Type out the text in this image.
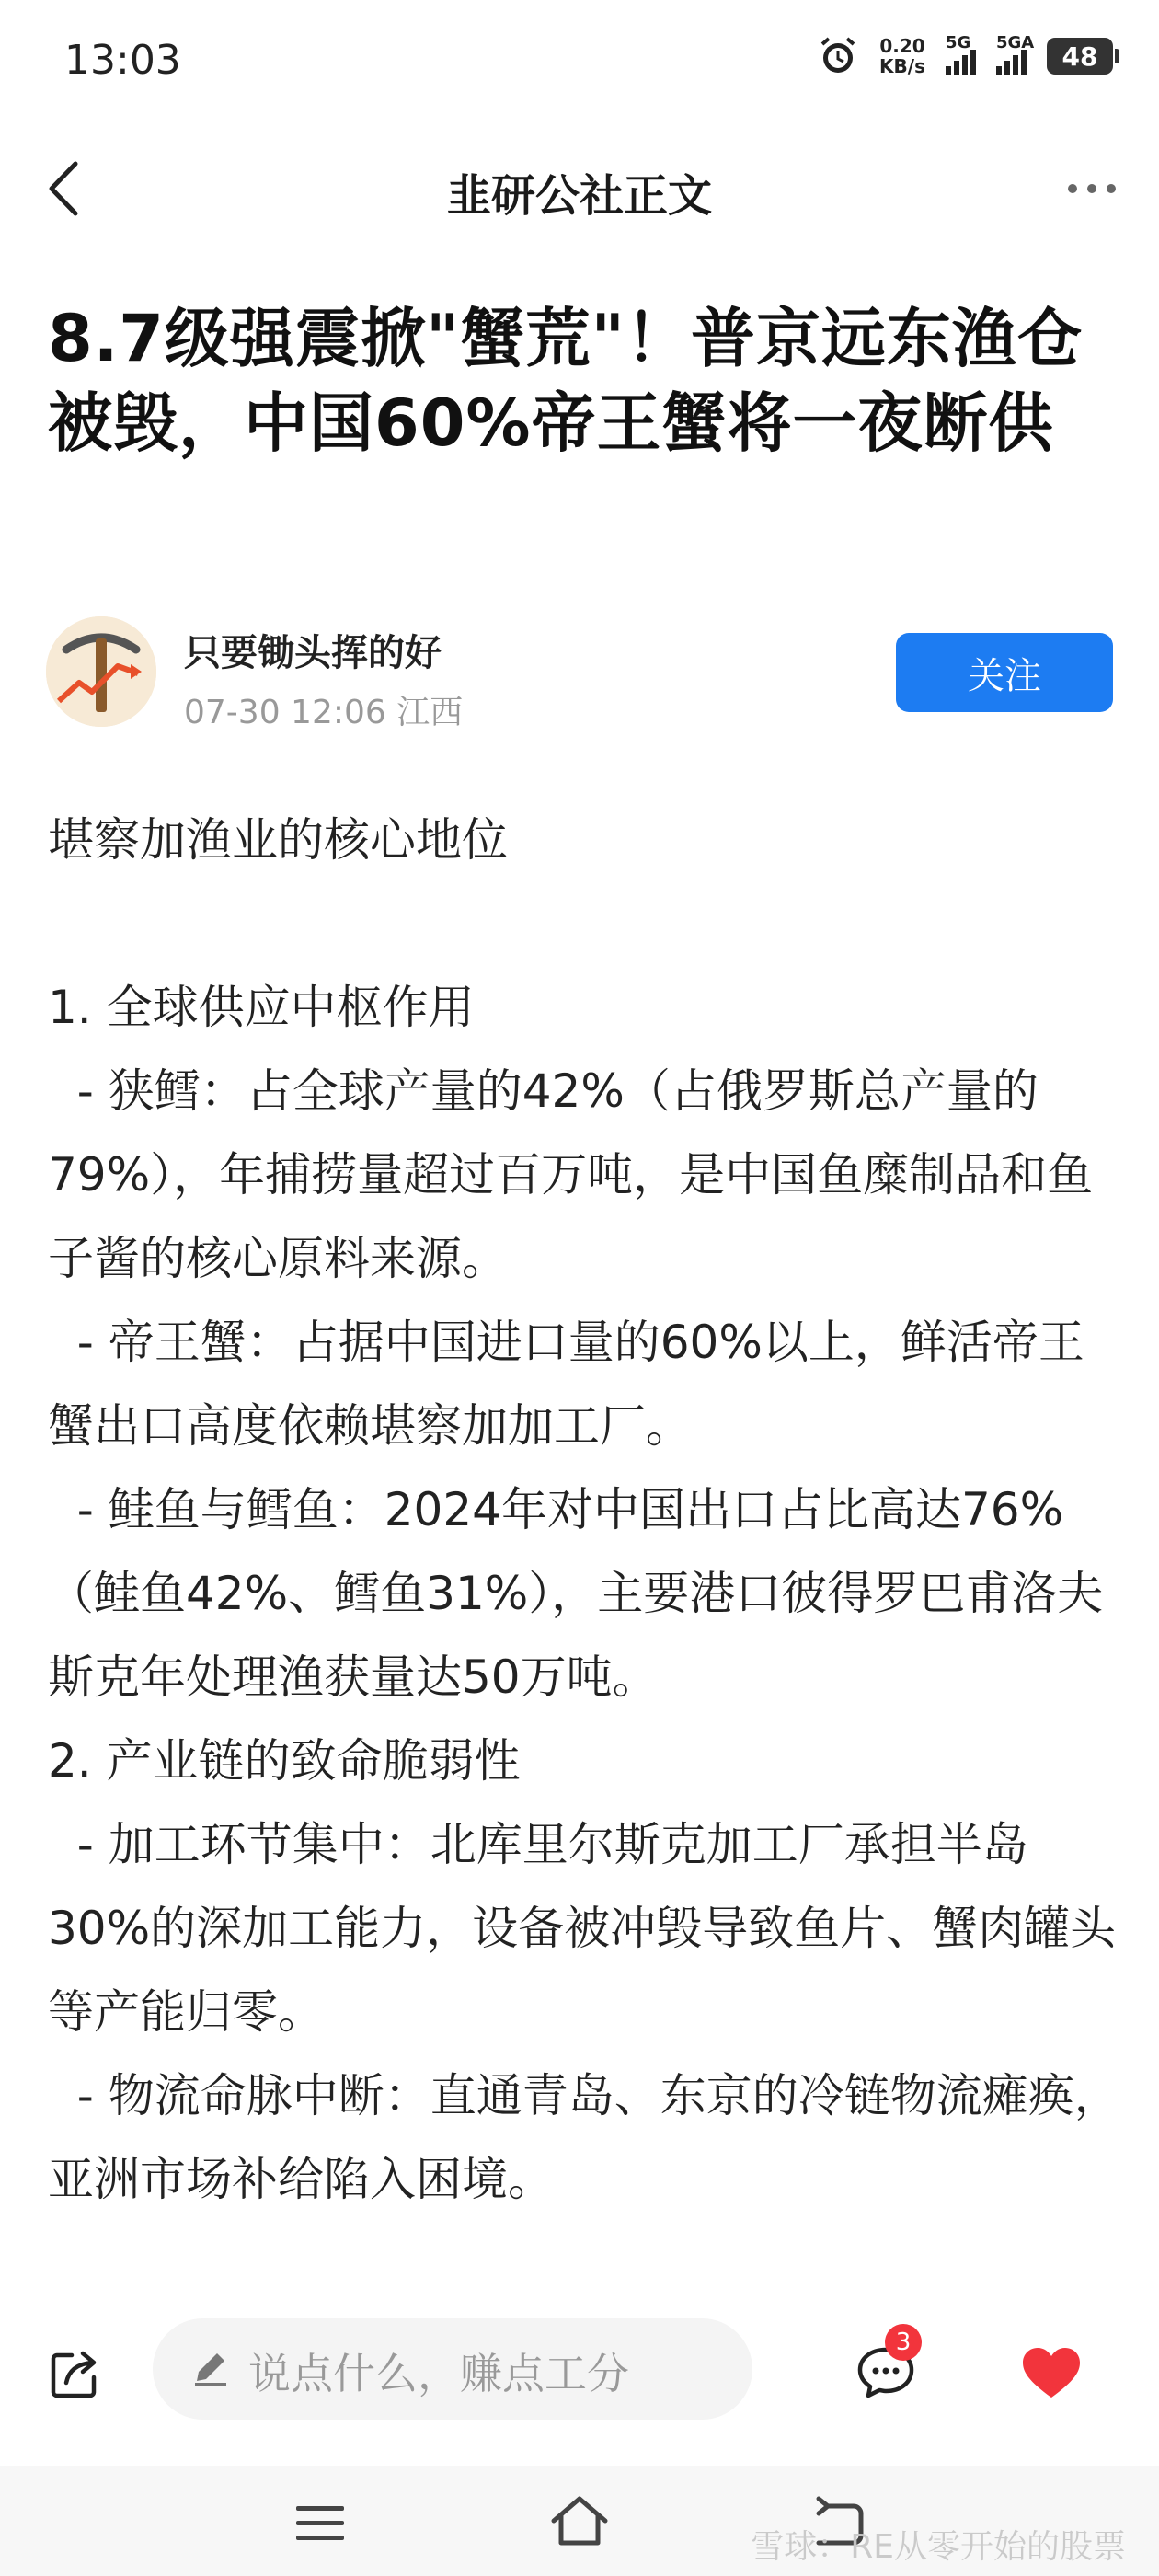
13:03	0.20
KB/s
5G 5GA	48
韭研公社正文
8.7级强震掀"蟹荒"！普京远东渔仓被毁，中国60%帝王蟹将一夜断供
只要锄头挥的好
07-30 12:06 江西
关注

堪察加渔业的核心地位

1. 全球供应中枢作用

- 狭鳕：占全球产量的42%（占俄罗斯总产量的79%），年捕捞量超过百万吨，是中国鱼糜制品和鱼子酱的核心原料来源。

- 帝王蟹：占据中国进口量的60%以上，鲜活帝王蟹出口高度依赖堪察加加工厂。

- 鲑鱼与鳕鱼：2024年对中国出口占比高达76%（鲑鱼42%、鳕鱼31%），主要港口彼得罗巴甫洛夫斯克年处理渔获量达50万吨。

2. 产业链的致命脆弱性

- 加工环节集中：北库里尔斯克加工厂承担半岛30%的深加工能力，设备被冲毁导致鱼片、蟹肉罐头等产能归零。

- 物流命脉中断：直通青岛、东京的冷链物流瘫痪，亚洲市场补给陷入困境。

说点什么，赚点工分
3
雪球：RE从零开始的股票
